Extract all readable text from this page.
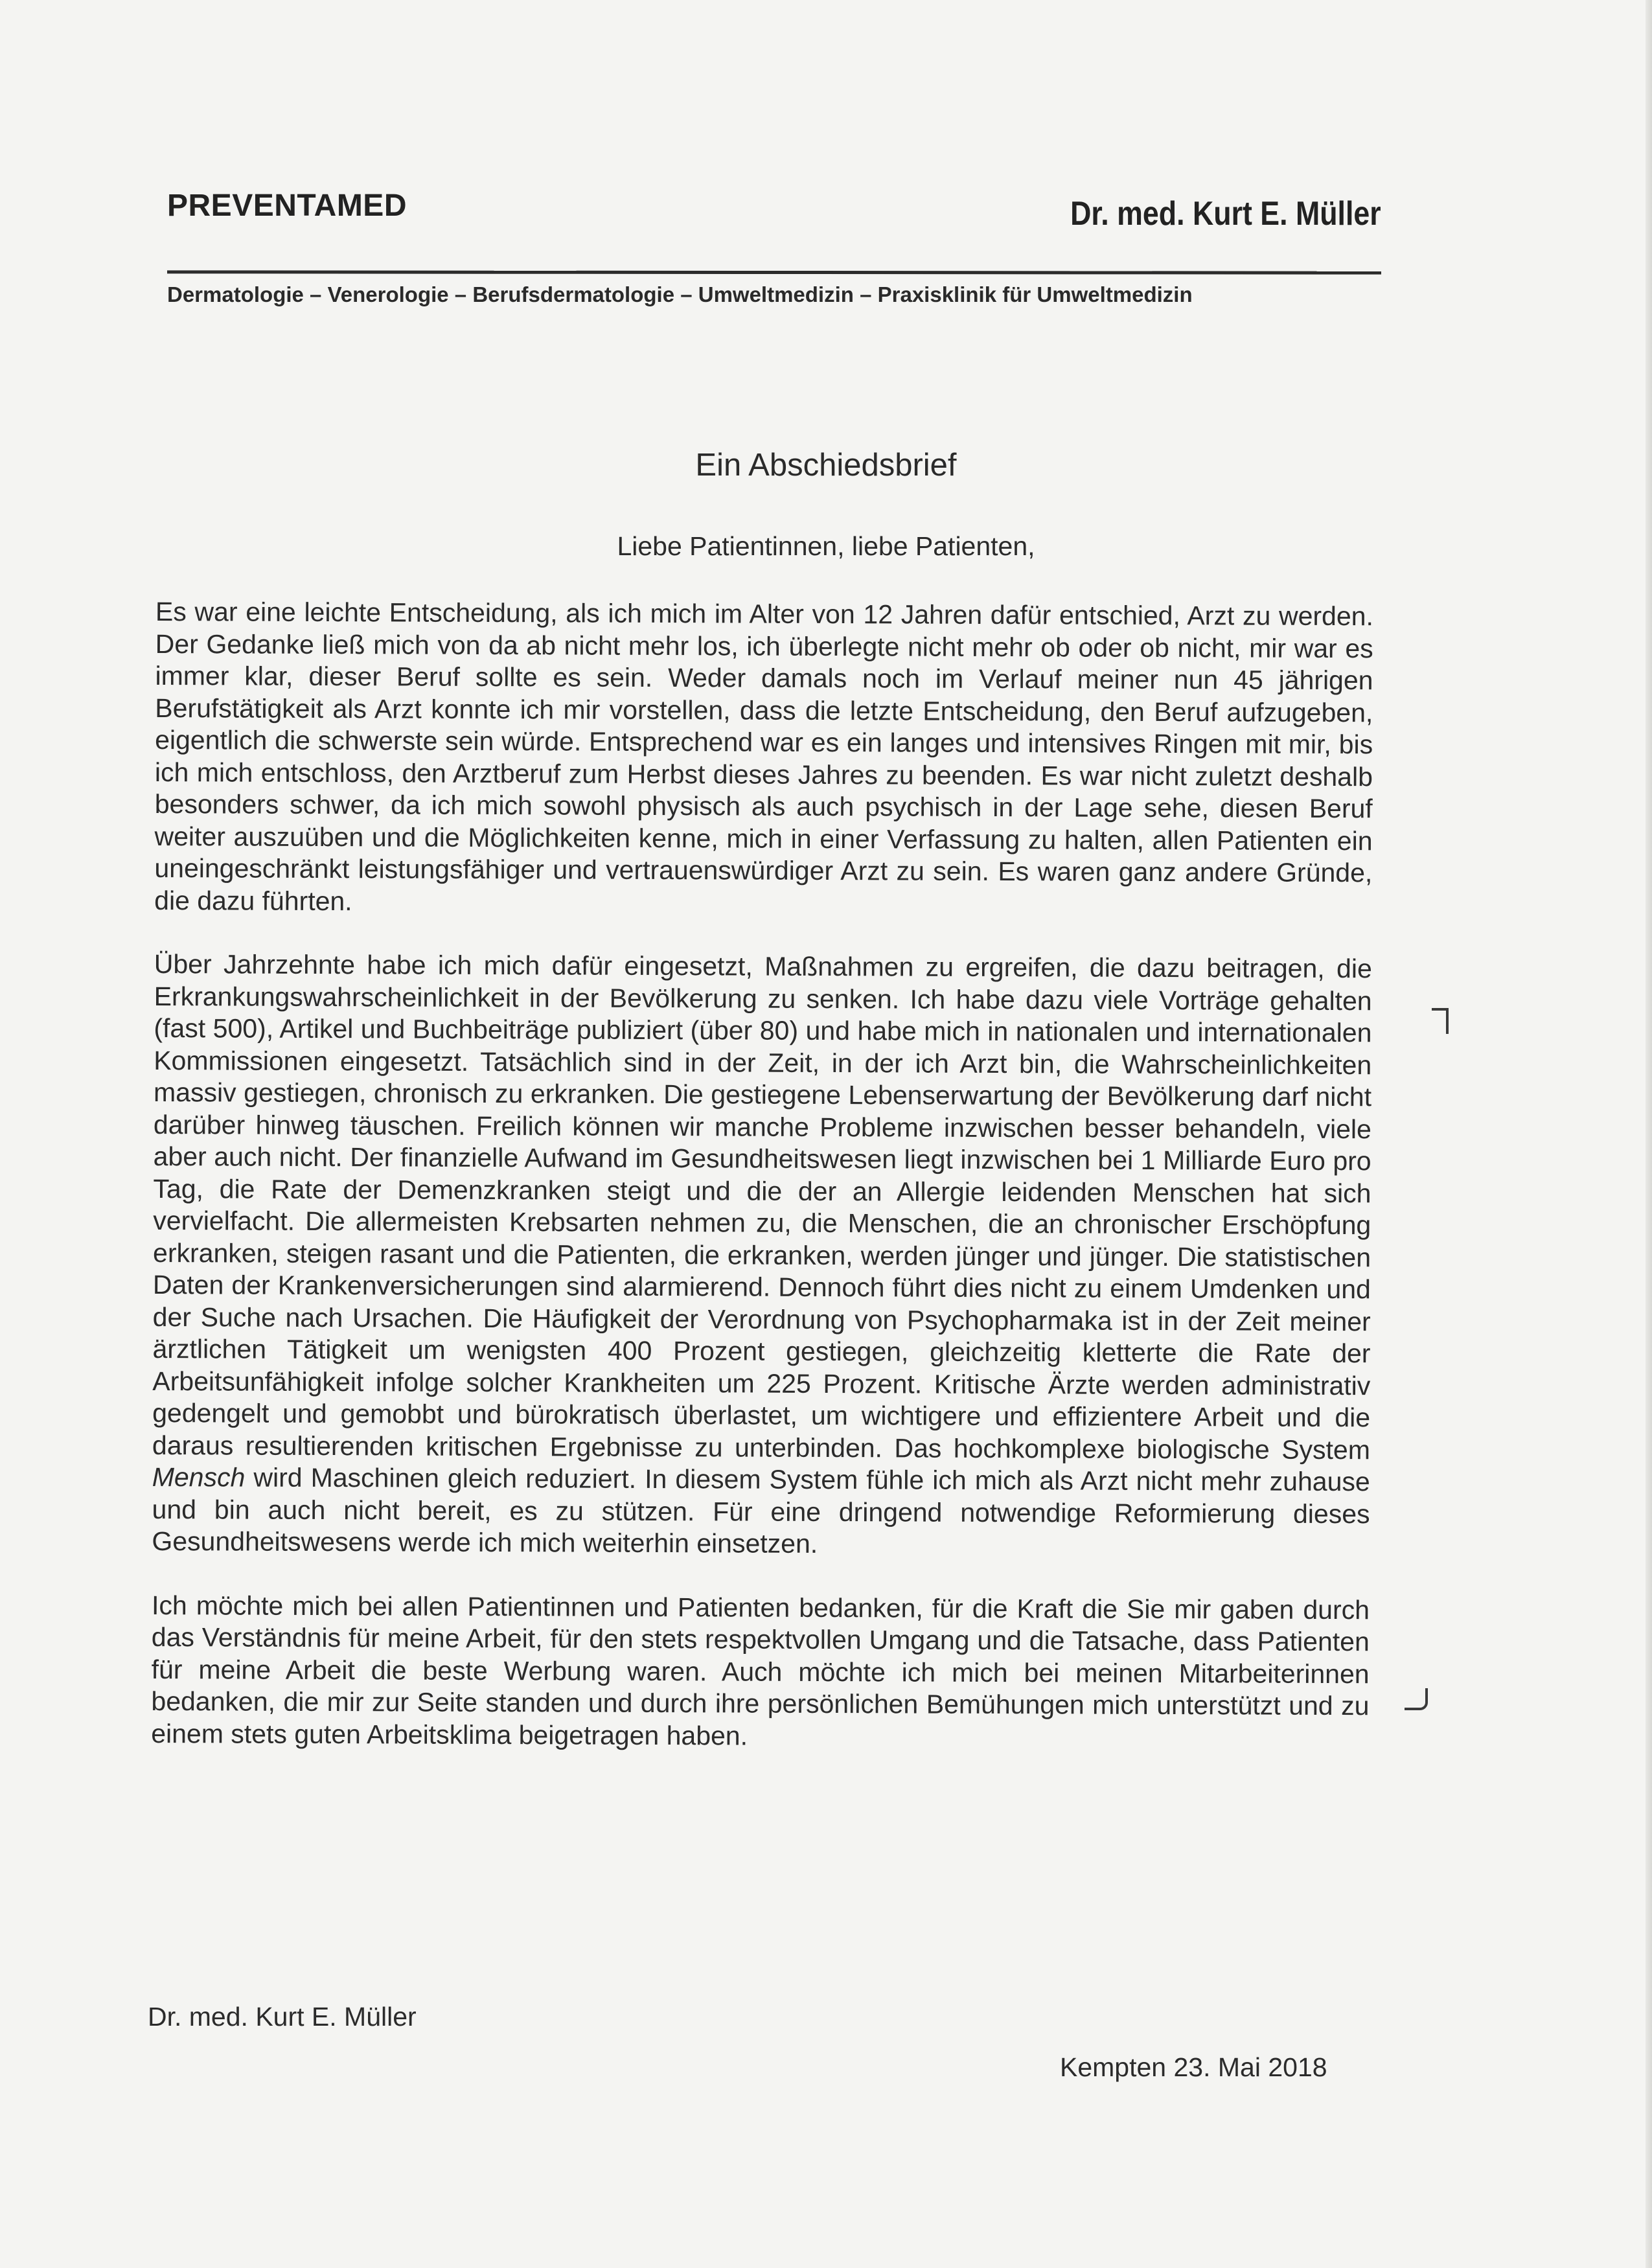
PREVENTAMED	Dr. med. Kurt E. Müller
Dermatologie – Venerologie – Berufsdermatologie – Umweltmedizin – Praxisklinik für Umweltmedizin
Ein Abschiedsbrief
Liebe Patientinnen, liebe Patienten,

Es war eine leichte Entscheidung, als ich mich im Alter von 12 Jahren dafür entschied, Arzt zu werden. Der Gedanke ließ mich von da ab nicht mehr los, ich überlegte nicht mehr ob oder ob nicht, mir war es immer klar, dieser Beruf sollte es sein. Weder damals noch im Verlauf meiner nun 45 jährigen Berufstätigkeit als Arzt konnte ich mir vorstellen, dass die letzte Entscheidung, den Beruf aufzugeben, eigentlich die schwerste sein würde. Entsprechend war es ein langes und intensives Ringen mit mir, bis ich mich entschloss, den Arztberuf zum Herbst dieses Jahres zu beenden. Es war nicht zuletzt deshalb besonders schwer, da ich mich sowohl physisch als auch psychisch in der Lage sehe, diesen Beruf weiter auszuüben und die Möglichkeiten kenne, mich in einer Verfassung zu halten, allen Patienten ein uneingeschränkt leistungsfähiger und vertrauenswürdiger Arzt zu sein. Es waren ganz andere Gründe, die dazu führten.

Über Jahrzehnte habe ich mich dafür eingesetzt, Maßnahmen zu ergreifen, die dazu beitragen, die Erkrankungswahrscheinlichkeit in der Bevölkerung zu senken. Ich habe dazu viele Vorträge gehalten (fast 500), Artikel und Buchbeiträge publiziert (über 80) und habe mich in nationalen und internationalen Kommissionen eingesetzt. Tatsächlich sind in der Zeit, in der ich Arzt bin, die Wahrscheinlichkeiten massiv gestiegen, chronisch zu erkranken. Die gestiegene Lebenserwartung der Bevölkerung darf nicht darüber hinweg täuschen. Freilich können wir manche Probleme inzwischen besser behandeln, viele aber auch nicht. Der finanzielle Aufwand im Gesundheitswesen liegt inzwischen bei 1 Milliarde Euro pro Tag, die Rate der Demenzkranken steigt und die der an Allergie leidenden Menschen hat sich vervielfacht. Die allermeisten Krebsarten nehmen zu, die Menschen, die an chronischer Erschöpfung erkranken, steigen rasant und die Patienten, die erkranken, werden jünger und jünger. Die statistischen Daten der Krankenversicherungen sind alarmierend. Dennoch führt dies nicht zu einem Umdenken und der Suche nach Ursachen. Die Häufigkeit der Verordnung von Psychopharmaka ist in der Zeit meiner ärztlichen Tätigkeit um wenigsten 400 Prozent gestiegen, gleichzeitig kletterte die Rate der Arbeitsunfähigkeit infolge solcher Krankheiten um 225 Prozent. Kritische Ärzte werden administrativ gedengelt und gemobbt und bürokratisch überlastet, um wichtigere und effizientere Arbeit und die daraus resultierenden kritischen Ergebnisse zu unterbinden. Das hochkomplexe biologische System Mensch wird Maschinen gleich reduziert. In diesem System fühle ich mich als Arzt nicht mehr zuhause und bin auch nicht bereit, es zu stützen. Für eine dringend notwendige Reformierung dieses Gesundheitswesens werde ich mich weiterhin einsetzen.

Ich möchte mich bei allen Patientinnen und Patienten bedanken, für die Kraft die Sie mir gaben durch das Verständnis für meine Arbeit, für den stets respektvollen Umgang und die Tatsache, dass Patienten für meine Arbeit die beste Werbung waren. Auch möchte ich mich bei meinen Mitarbeiterinnen bedanken, die mir zur Seite standen und durch ihre persönlichen Bemühungen mich unterstützt und zu einem stets guten Arbeitsklima beigetragen haben.

Dr. med. Kurt E. Müller
Kempten 23. Mai 2018
